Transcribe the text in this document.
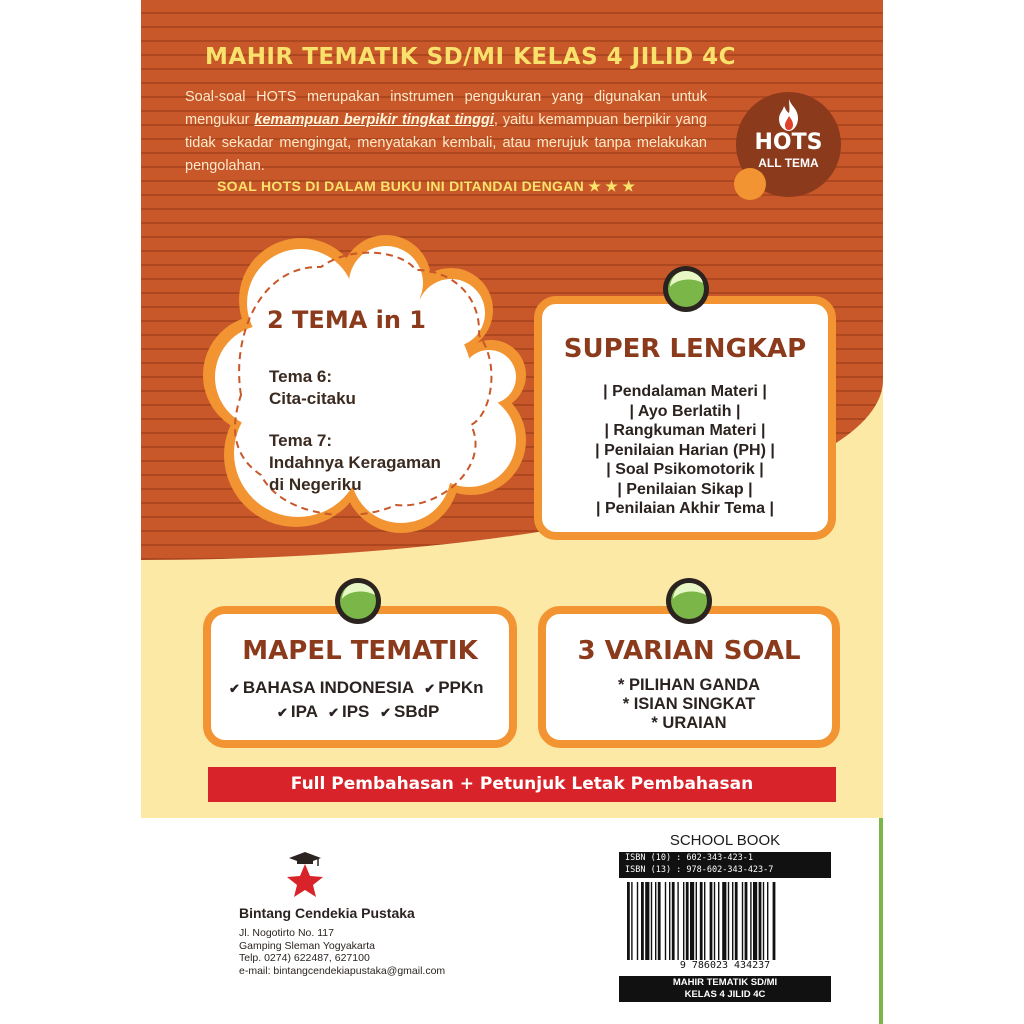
MAHIR TEMATIK SD/MI KELAS 4 JILID 4C
Soal-soal HOTS merupakan instrumen pengukuran yang digunakan untuk mengukur kemampuan berpikir tingkat tinggi, yaitu kemampuan berpikir yang tidak sekadar mengingat, menyatakan kembali, atau merujuk tanpa melakukan pengolahan.
SOAL HOTS DI DALAM BUKU INI DITANDAI DENGAN ★ ★ ★
HOTS
ALL TEMA
2 TEMA in 1
Tema 6:
Cita-citaku
Tema 7:
Indahnya Keragaman
di Negeriku
SUPER LENGKAP
| Pendalaman Materi |
| Ayo Berlatih |
| Rangkuman Materi |
| Penilaian Harian (PH) |
| Soal Psikomotorik |
| Penilaian Sikap |
| Penilaian Akhir Tema |
MAPEL TEMATIK
✔ BAHASA INDONESIA ✔ PPKn
✔ IPA ✔ IPS ✔ SBdP
3 VARIAN SOAL
* PILIHAN GANDA
* ISIAN SINGKAT
* URAIAN
Full Pembahasan + Petunjuk Letak Pembahasan
Bintang Cendekia Pustaka
Jl. Nogotirto No. 117
Gamping Sleman Yogyakarta
Telp. 0274) 622487, 627100
e-mail: bintangcendekiapustaka@gmail.com
SCHOOL BOOK
ISBN (10) : 602-343-423-1
ISBN (13) : 978-602-343-423-7
9 786023 434237
MAHIR TEMATIK SD/MI
KELAS 4 JILID 4C
